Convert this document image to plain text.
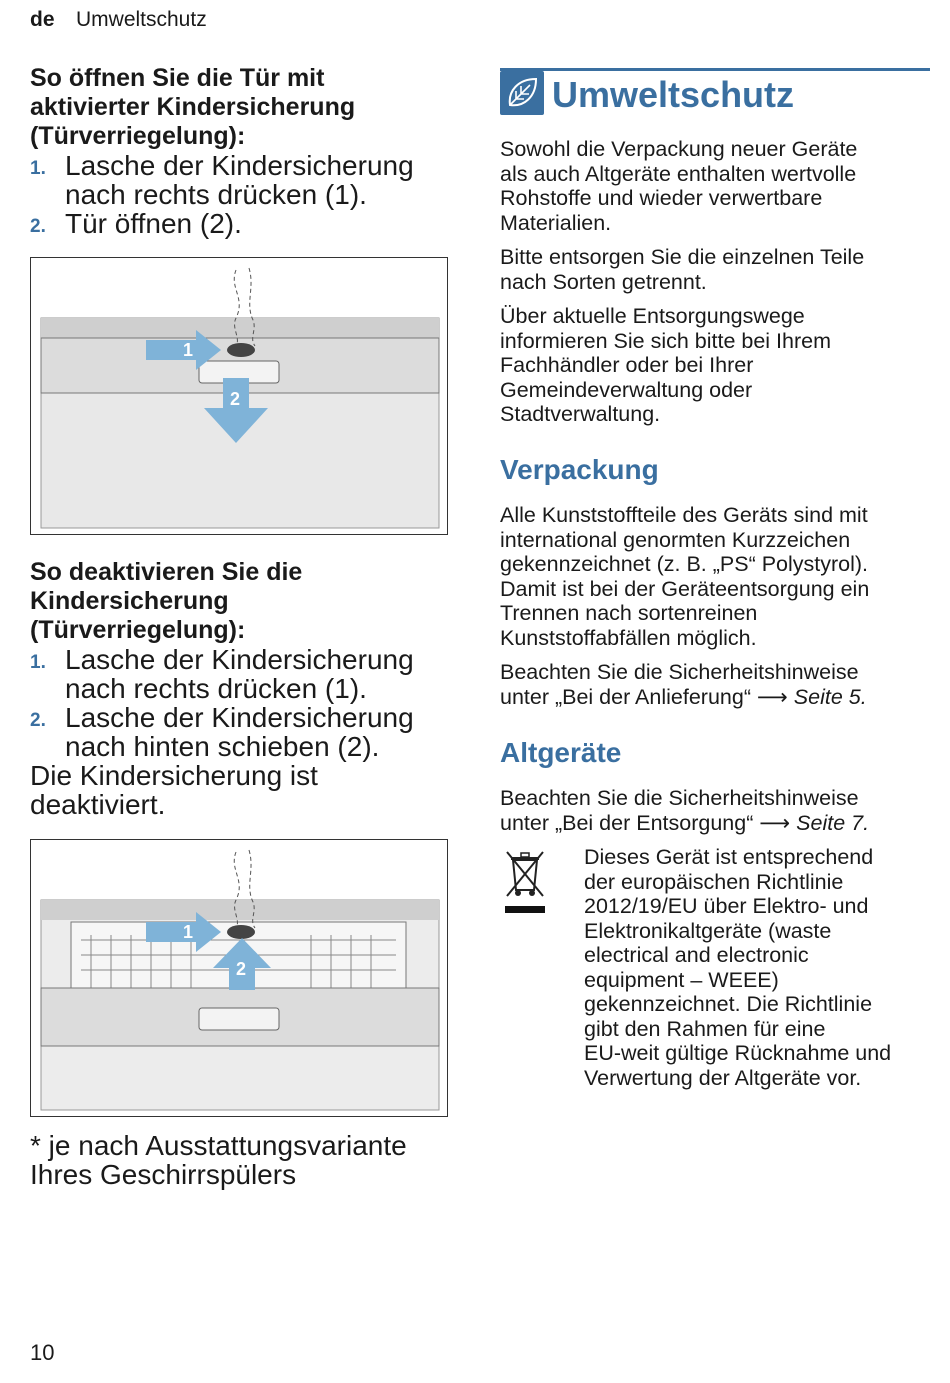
de Umweltschutz

So öffnen Sie die Tür mit
aktivierter Kindersicherung
(Türverriegelung):

1. Lasche der Kindersicherung
nach rechts drücken (1).
2. Tür öffnen (2).
1
2

So deaktivieren Sie die
Kindersicherung
(Türverriegelung):

1. Lasche der Kindersicherung
nach rechts drücken (1).
2. Lasche der Kindersicherung
nach hinten schieben (2).
Die Kindersicherung ist
deaktiviert.
1
2
* je nach Ausstattungsvariante
Ihres Geschirrspülers
Umweltschutz

Sowohl die Verpackung neuer Geräte
als auch Altgeräte enthalten wertvolle
Rohstoffe und wieder verwertbare
Materialien.

Bitte entsorgen Sie die einzelnen Teile
nach Sorten getrennt.

Über aktuelle Entsorgungswege
informieren Sie sich bitte bei Ihrem
Fachhändler oder bei Ihrer
Gemeindeverwaltung oder
Stadtverwaltung.

Verpackung

Alle Kunststoffteile des Geräts sind mit
international genormten Kurzzeichen
gekennzeichnet (z. B. „PS“ Polystyrol).
Damit ist bei der Geräteentsorgung ein
Trennen nach sortenreinen
Kunststoffabfällen möglich.

Beachten Sie die Sicherheitshinweise
unter „Bei der Anlieferung“ ⟶ Seite 5.

Altgeräte

Beachten Sie die Sicherheitshinweise
unter „Bei der Entsorgung“ ⟶ Seite 7.

Dieses Gerät ist entsprechend
der europäischen Richtlinie
2012/19/EU über Elektro- und
Elektronikaltgeräte (waste
electrical and electronic
equipment – WEEE)
gekennzeichnet. Die Richtlinie
gibt den Rahmen für eine
EU-weit gültige Rücknahme und
Verwertung der Altgeräte vor.

10
